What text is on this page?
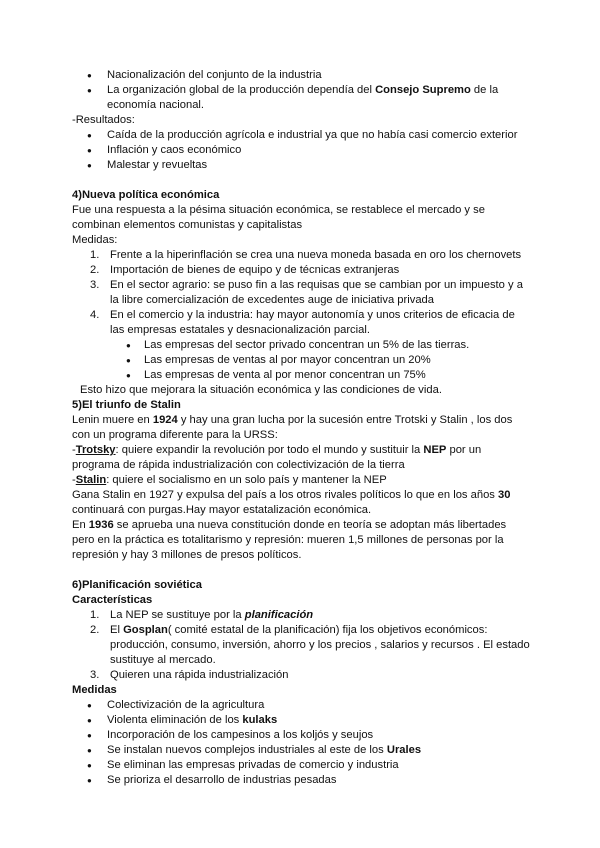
● Nacionalización del conjunto de la industria
● La organización global de la producción dependía del Consejo Supremo de la
economía nacional.
-Resultados:
● Caída de la producción agrícola e industrial ya que no había casi comercio exterior
● Inflación y caos económico
● Malestar y revueltas
4)Nueva política económica
Fue una respuesta a la pésima situación económica, se restablece el mercado y se
combinan elementos comunistas y capitalistas
Medidas:
1. Frente a la hiperinflación se crea una nueva moneda basada en oro los chernovets
2. Importación de bienes de equipo y de técnicas extranjeras
3. En el sector agrario: se puso fin a las requisas que se cambian por un impuesto y a
la libre comercialización de excedentes auge de iniciativa privada
4. En el comercio y la industria: hay mayor autonomía y unos criterios de eficacia de
las empresas estatales y desnacionalización parcial.
● Las empresas del sector privado concentran un 5% de las tierras.
● Las empresas de ventas al por mayor concentran un 20%
● Las empresas de venta al por menor concentran un 75%
Esto hizo que mejorara la situación económica y las condiciones de vida.
5)El triunfo de Stalin
Lenin muere en 1924 y hay una gran lucha por la sucesión entre Trotski y Stalin , los dos
con un programa diferente para la URSS:
-Trotsky: quiere expandir la revolución por todo el mundo y sustituir la NEP por un
programa de rápida industrialización con colectivización de la tierra
-Stalin: quiere el socialismo en un solo país y mantener la NEP
Gana Stalin en 1927 y expulsa del país a los otros rivales políticos lo que en los años 30
continuará con purgas.Hay mayor estatalización económica.
En 1936 se aprueba una nueva constitución donde en teoría se adoptan más libertades
pero en la práctica es totalitarismo y represión: mueren 1,5 millones de personas por la
represión y hay 3 millones de presos políticos.
6)Planificación soviética
Características
1. La NEP se sustituye por la planificación
2. El Gosplan( comité estatal de la planificación) fija los objetivos económicos:
producción, consumo, inversión, ahorro y los precios , salarios y recursos . El estado
sustituye al mercado.
3. Quieren una rápida industrialización
Medidas
● Colectivización de la agricultura
● Violenta eliminación de los kulaks
● Incorporación de los campesinos a los koljós y seujos
● Se instalan nuevos complejos industriales al este de los Urales
● Se eliminan las empresas privadas de comercio y industria
● Se prioriza el desarrollo de industrias pesadas
